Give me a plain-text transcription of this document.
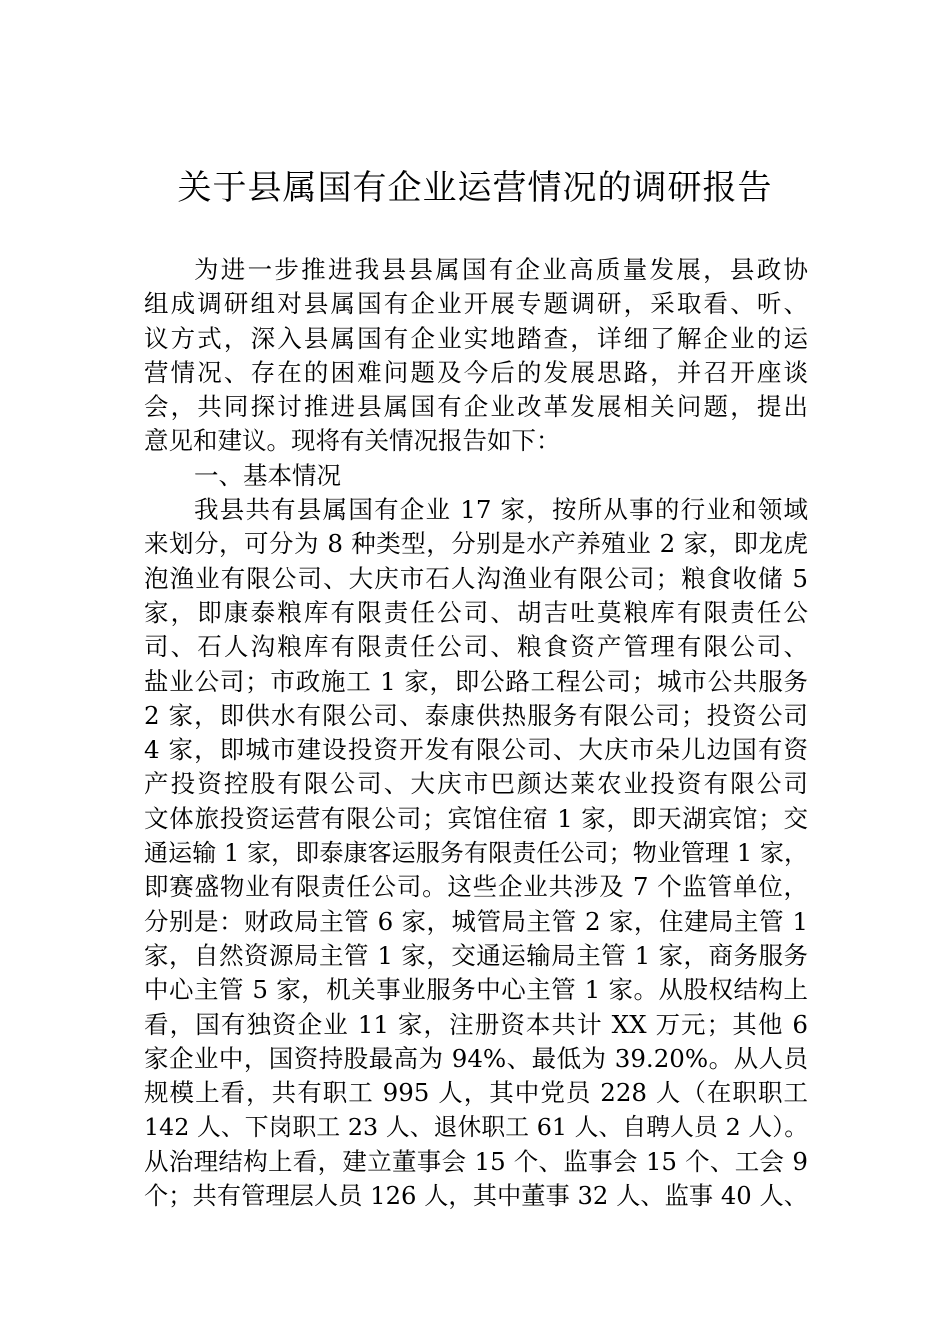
关于县属国有企业运营情况的调研报告
为进一步推进我县县属国有企业高质量发展，县政协
组成调研组对县属国有企业开展专题调研，采取看、听、
议方式，深入县属国有企业实地踏查，详细了解企业的运
营情况、存在的困难问题及今后的发展思路，并召开座谈
会，共同探讨推进县属国有企业改革发展相关问题，提出
意见和建议。现将有关情况报告如下：
一、基本情况
我县共有县属国有企业 17 家，按所从事的行业和领域
来划分，可分为 8 种类型，分别是水产养殖业 2 家，即龙虎
泡渔业有限公司、大庆市石人沟渔业有限公司；粮食收储 5
家，即康泰粮库有限责任公司、胡吉吐莫粮库有限责任公
司、石人沟粮库有限责任公司、粮食资产管理有限公司、
盐业公司；市政施工 1 家，即公路工程公司；城市公共服务
2 家，即供水有限公司、泰康供热服务有限公司；投资公司
4 家，即城市建设投资开发有限公司、大庆市朵儿边国有资
产投资控股有限公司、大庆市巴颜达莱农业投资有限公司
文体旅投资运营有限公司；宾馆住宿 1 家，即天湖宾馆；交
通运输 1 家，即泰康客运服务有限责任公司；物业管理 1 家，
即赛盛物业有限责任公司。这些企业共涉及 7 个监管单位，
分别是：财政局主管 6 家，城管局主管 2 家，住建局主管 1
家，自然资源局主管 1 家，交通运输局主管 1 家，商务服务
中心主管 5 家，机关事业服务中心主管 1 家。从股权结构上
看，国有独资企业 11 家，注册资本共计 XX 万元；其他 6
家企业中，国资持股最高为 94%、最低为 39.20%。从人员
规模上看，共有职工 995 人，其中党员 228 人（在职职工
142 人、下岗职工 23 人、退休职工 61 人、自聘人员 2 人）。
从治理结构上看，建立董事会 15 个、监事会 15 个、工会 9
个；共有管理层人员 126 人，其中董事 32 人、监事 40 人、
